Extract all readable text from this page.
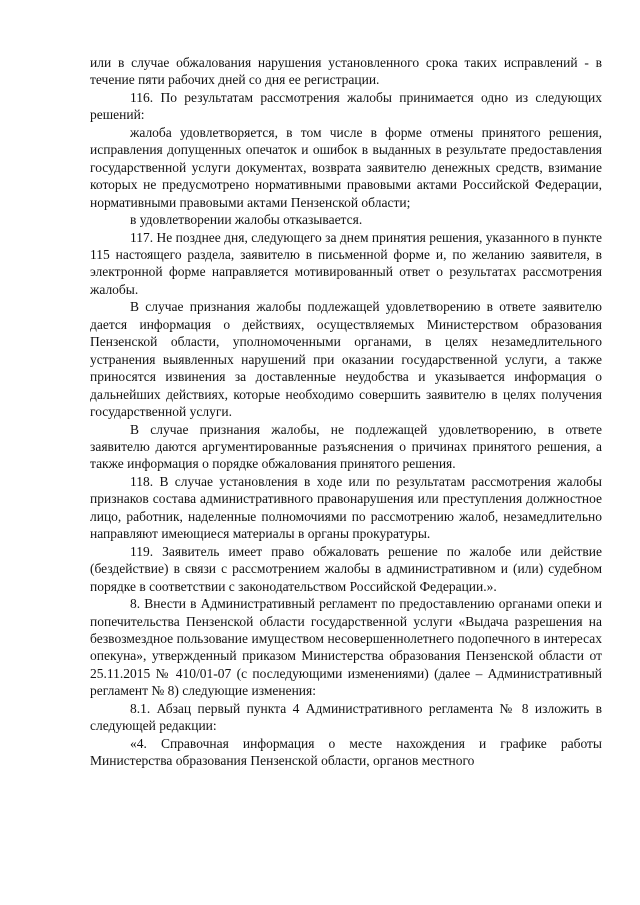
или в случае обжалования нарушения установленного срока таких исправлений - в течение пяти рабочих дней со дня ее регистрации.

116. По результатам рассмотрения жалобы принимается одно из следующих решений:

жалоба удовлетворяется, в том числе в форме отмены принятого решения, исправления допущенных опечаток и ошибок в выданных в результате предоставления государственной услуги документах, возврата заявителю денежных средств, взимание которых не предусмотрено нормативными правовыми актами Российской Федерации, нормативными правовыми актами Пензенской области;

в удовлетворении жалобы отказывается.

117. Не позднее дня, следующего за днем принятия решения, указанного в пункте 115 настоящего раздела, заявителю в письменной форме и, по желанию заявителя, в электронной форме направляется мотивированный ответ о результатах рассмотрения жалобы.

В случае признания жалобы подлежащей удовлетворению в ответе заявителю дается информация о действиях, осуществляемых Министерством образования Пензенской области, уполномоченными органами, в целях незамедлительного устранения выявленных нарушений при оказании государственной услуги, а также приносятся извинения за доставленные неудобства и указывается информация о дальнейших действиях, которые необходимо совершить заявителю в целях получения государственной услуги.

В случае признания жалобы, не подлежащей удовлетворению, в ответе заявителю даются аргументированные разъяснения о причинах принятого решения, а также информация о порядке обжалования принятого решения.

118. В случае установления в ходе или по результатам рассмотрения жалобы признаков состава административного правонарушения или преступления должностное лицо, работник, наделенные полномочиями по рассмотрению жалоб, незамедлительно направляют имеющиеся материалы в органы прокуратуры.

119. Заявитель имеет право обжаловать решение по жалобе или действие (бездействие) в связи с рассмотрением жалобы в административном и (или) судебном порядке в соответствии с законодательством Российской Федерации.».

8. Внести в Административный регламент по предоставлению органами опеки и попечительства Пензенской области государственной услуги «Выдача разрешения на безвозмездное пользование имуществом несовершеннолетнего подопечного в интересах опекуна», утвержденный приказом Министерства образования Пензенской области от 25.11.2015 № 410/01-07 (с последующими изменениями) (далее – Административный регламент № 8) следующие изменения:

8.1. Абзац первый пункта 4 Административного регламента № 8 изложить в следующей редакции:

«4. Справочная информация о месте нахождения и графике работы Министерства образования Пензенской области, органов местного
